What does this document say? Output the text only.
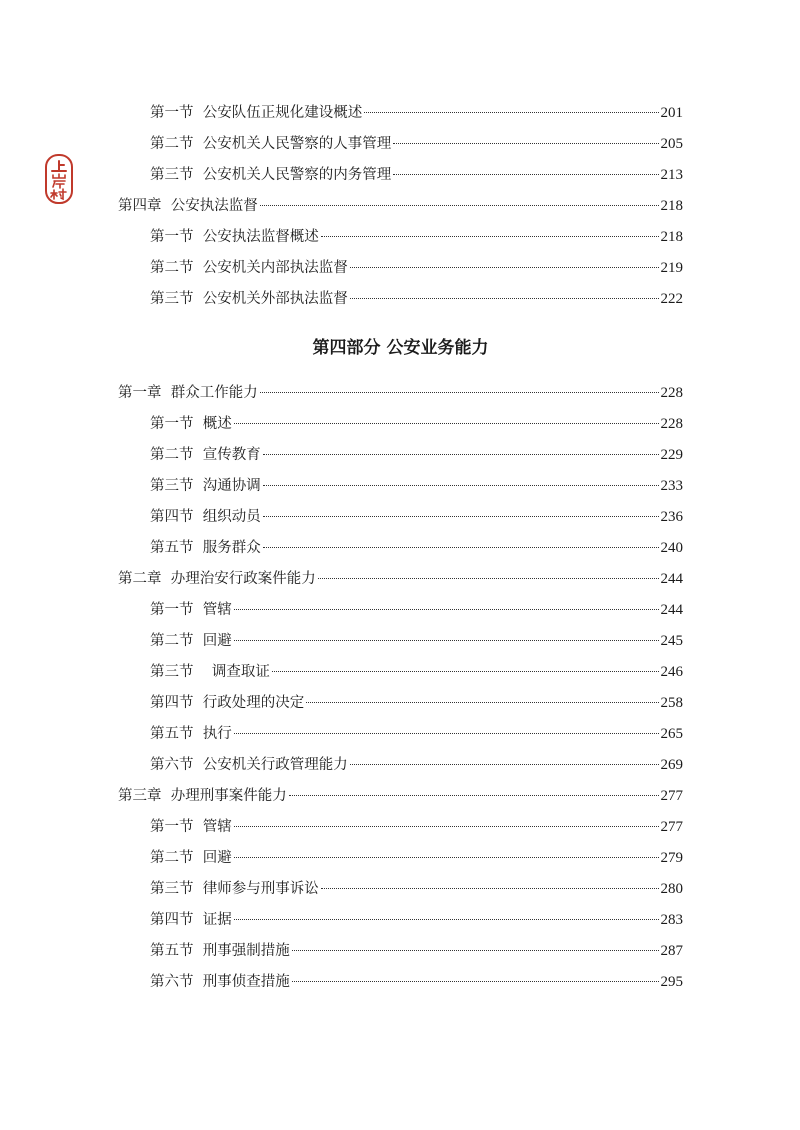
第一节  公安队伍正规化建设概述	201
第二节  公安机关人民警察的人事管理	205
第三节  公安机关人民警察的内务管理	213
第四章  公安执法监督	218
第一节  公安执法监督概述	218
第二节  公安机关内部执法监督	219
第三节  公安机关外部执法监督	222
第四部分 公安业务能力
第一章  群众工作能力	228
第一节  概述	228
第二节  宣传教育	229
第三节  沟通协调	233
第四节  组织动员	236
第五节  服务群众	240
第二章  办理治安行政案件能力	244
第一节  管辖	244
第二节  回避	245
第三节    调查取证	246
第四节  行政处理的决定	258
第五节  执行	265
第六节  公安机关行政管理能力	269
第三章  办理刑事案件能力	277
第一节  管辖	277
第二节  回避	279
第三节  律师参与刑事诉讼	280
第四节  证据	283
第五节  刑事强制措施	287
第六节  刑事侦查措施	295
